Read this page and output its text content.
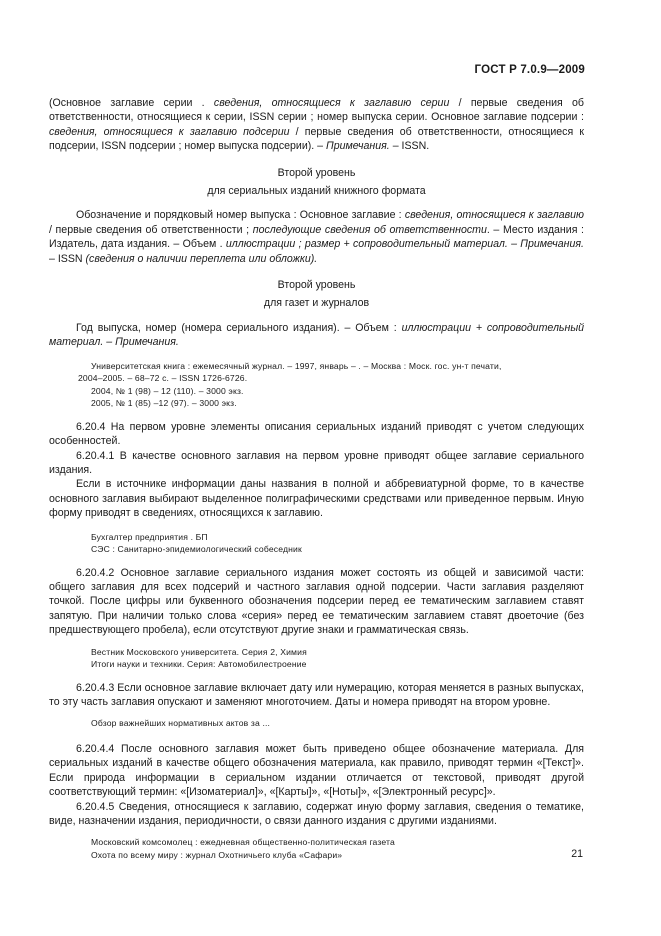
ГОСТ Р 7.0.9—2009

(Основное заглавие серии . сведения, относящиеся к заглавию серии / первые сведения об ответственности, относящиеся к серии, ISSN серии ; номер выпуска серии. Основное заглавие подсерии : сведения, относящиеся к заглавию подсерии / первые сведения об ответственности, относящиеся к подсерии, ISSN подсерии ; номер выпуска подсерии). – Примечания. – ISSN.

Второй уровень
для сериальных изданий книжного формата

Обозначение и порядковый номер выпуска : Основное заглавие : сведения, относящиеся к заглавию / первые сведения об ответственности ; последующие сведения об ответственности. – Место издания : Издатель, дата издания. – Объем . иллюстрации ; размер + сопроводительный материал. – Примечания. – ISSN (сведения о наличии переплета или обложки).

Второй уровень
для газет и журналов

Год выпуска, номер (номера сериального издания). – Объем : иллюстрации + сопроводительный материал. – Примечания.

Университетская книга : ежемесячный журнал. – 1997, январь – . – Москва : Моск. гос. ун-т печати,
2004–2005. – 68–72 с. – ISSN 1726-6726.
2004, № 1 (98) – 12 (110). – 3000 экз.
2005, № 1 (85) –12 (97). – 3000 экз.

6.20.4 На первом уровне элементы описания сериальных изданий приводят с учетом следующих особенностей.

6.20.4.1 В качестве основного заглавия на первом уровне приводят общее заглавие сериального издания.

Если в источнике информации даны названия в полной и аббревиатурной форме, то в качестве основного заглавия выбирают выделенное полиграфическими средствами или приведенное первым. Иную форму приводят в сведениях, относящихся к заглавию.

Бухгалтер предприятия . БП
СЭС : Санитарно-эпидемиологический собеседник

6.20.4.2 Основное заглавие сериального издания может состоять из общей и зависимой части: общего заглавия для всех подсерий и частного заглавия одной подсерии. Части заглавия разделяют точкой. После цифры или буквенного обозначения подсерии перед ее тематическим заглавием ставят запятую. При наличии только слова «серия» перед ее тематическим заглавием ставят двоеточие (без предшествующего пробела), если отсутствуют другие знаки и грамматическая связь.

Вестник Московского университета. Серия 2, Химия
Итоги науки и техники. Серия: Автомобилестроение

6.20.4.3 Если основное заглавие включает дату или нумерацию, которая меняется в разных выпусках, то эту часть заглавия опускают и заменяют многоточием. Даты и номера приводят на втором уровне.

Обзор важнейших нормативных актов за ...

6.20.4.4 После основного заглавия может быть приведено общее обозначение материала. Для сериальных изданий в качестве общего обозначения материала, как правило, приводят термин «[Текст]». Если природа информации в сериальном издании отличается от текстовой, приводят другой соответствующий термин: «[Изоматериал]», «[Карты]», «[Ноты]», «[Электронный ресурс]».

6.20.4.5 Сведения, относящиеся к заглавию, содержат иную форму заглавия, сведения о тематике, виде, назначении издания, периодичности, о связи данного издания с другими изданиями.

Московский комсомолец : ежедневная общественно-политическая газета
Охота по всему миру : журнал Охотничьего клуба «Сафари»	21
